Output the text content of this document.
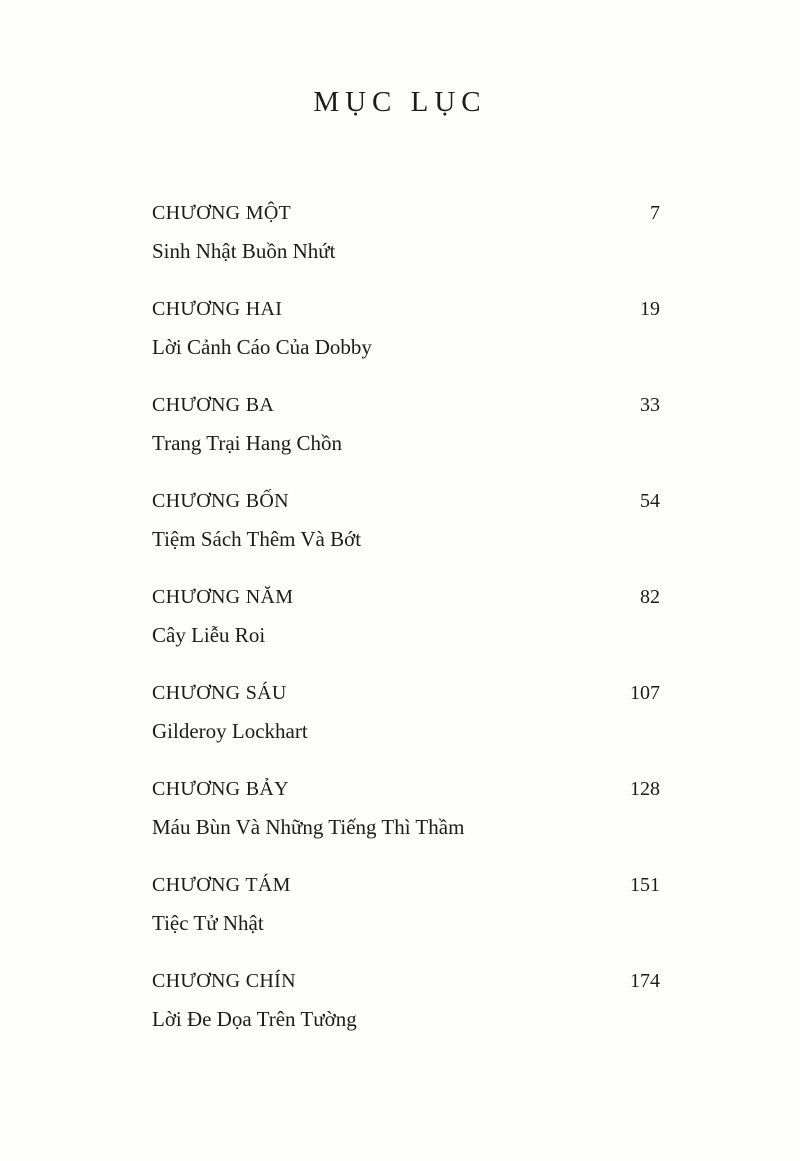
MỤC LỤC
CHƯƠNG MỘT	7
Sinh Nhật Buồn Nhứt
CHƯƠNG HAI	19
Lời Cảnh Cáo Của Dobby
CHƯƠNG BA	33
Trang Trại Hang Chồn
CHƯƠNG BỐN	54
Tiệm Sách Thêm Và Bớt
CHƯƠNG NĂM	82
Cây Liễu Roi
CHƯƠNG SÁU	107
Gilderoy Lockhart
CHƯƠNG BẢY	128
Máu Bùn Và Những Tiếng Thì Thầm
CHƯƠNG TÁM	151
Tiệc Tử Nhật
CHƯƠNG CHÍN	174
Lời Đe Dọa Trên Tường
